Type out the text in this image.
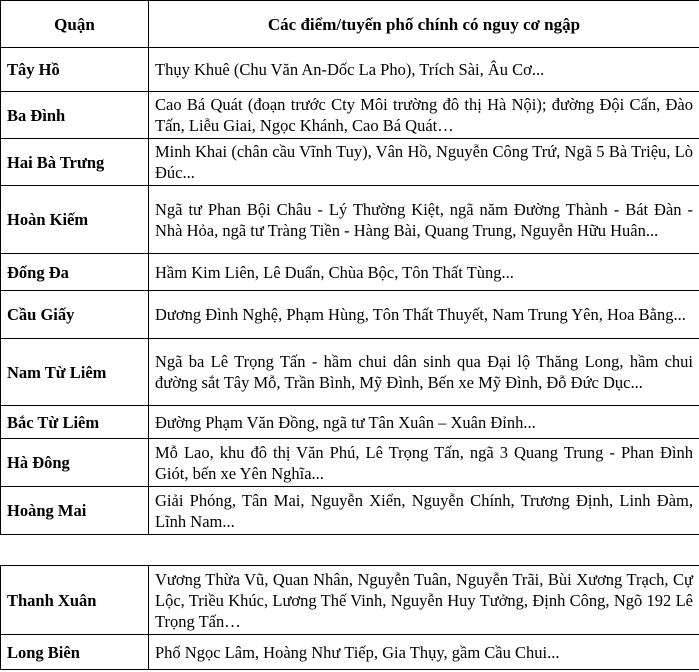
Quận	Các điểm/tuyến phố chính có nguy cơ ngập
Tây Hồ	Thụy Khuê (Chu Văn An-Dốc La Pho), Trích Sài, Âu Cơ...
Ba Đình	Cao Bá Quát (đoạn trước Cty Môi trường đô thị Hà Nội); đường Đội Cấn, Đào Tấn, Liễu Giai, Ngọc Khánh, Cao Bá Quát…
Hai Bà Trưng	Minh Khai (chân cầu Vĩnh Tuy), Vân Hồ, Nguyễn Công Trứ, Ngã 5 Bà Triệu, Lò Đúc...
Hoàn Kiếm	Ngã tư Phan Bội Châu - Lý Thường Kiệt, ngã năm Đường Thành - Bát Đàn - Nhà Hỏa, ngã tư Tràng Tiền - Hàng Bài, Quang Trung, Nguyễn Hữu Huân...
Đống Đa	Hầm Kim Liên, Lê Duẩn, Chùa Bộc, Tôn Thất Tùng...
Cầu Giấy	Dương Đình Nghệ, Phạm Hùng, Tôn Thất Thuyết, Nam Trung Yên, Hoa Bằng...
Nam Từ Liêm	Ngã ba Lê Trọng Tấn - hầm chui dân sinh qua Đại lộ Thăng Long, hầm chui đường sắt Tây Mỗ, Trần Bình, Mỹ Đình, Bến xe Mỹ Đình, Đỗ Đức Dục...
Bắc Từ Liêm	Đường Phạm Văn Đồng, ngã tư Tân Xuân – Xuân Đỉnh...
Hà Đông	Mỗ Lao, khu đô thị Văn Phú, Lê Trọng Tấn, ngã 3 Quang Trung - Phan Đình Giót, bến xe Yên Nghĩa...
Hoàng Mai	Giải Phóng, Tân Mai, Nguyễn Xiển, Nguyễn Chính, Trương Định, Linh Đàm, Lĩnh Nam...
Thanh Xuân	Vương Thừa Vũ, Quan Nhân, Nguyễn Tuân, Nguyễn Trãi, Bùi Xương Trạch, Cự Lộc, Triều Khúc, Lương Thế Vinh, Nguyễn Huy Tưởng, Định Công, Ngõ 192 Lê Trọng Tấn…
Long Biên	Phố Ngọc Lâm, Hoàng Như Tiếp, Gia Thụy, gầm Cầu Chui...
